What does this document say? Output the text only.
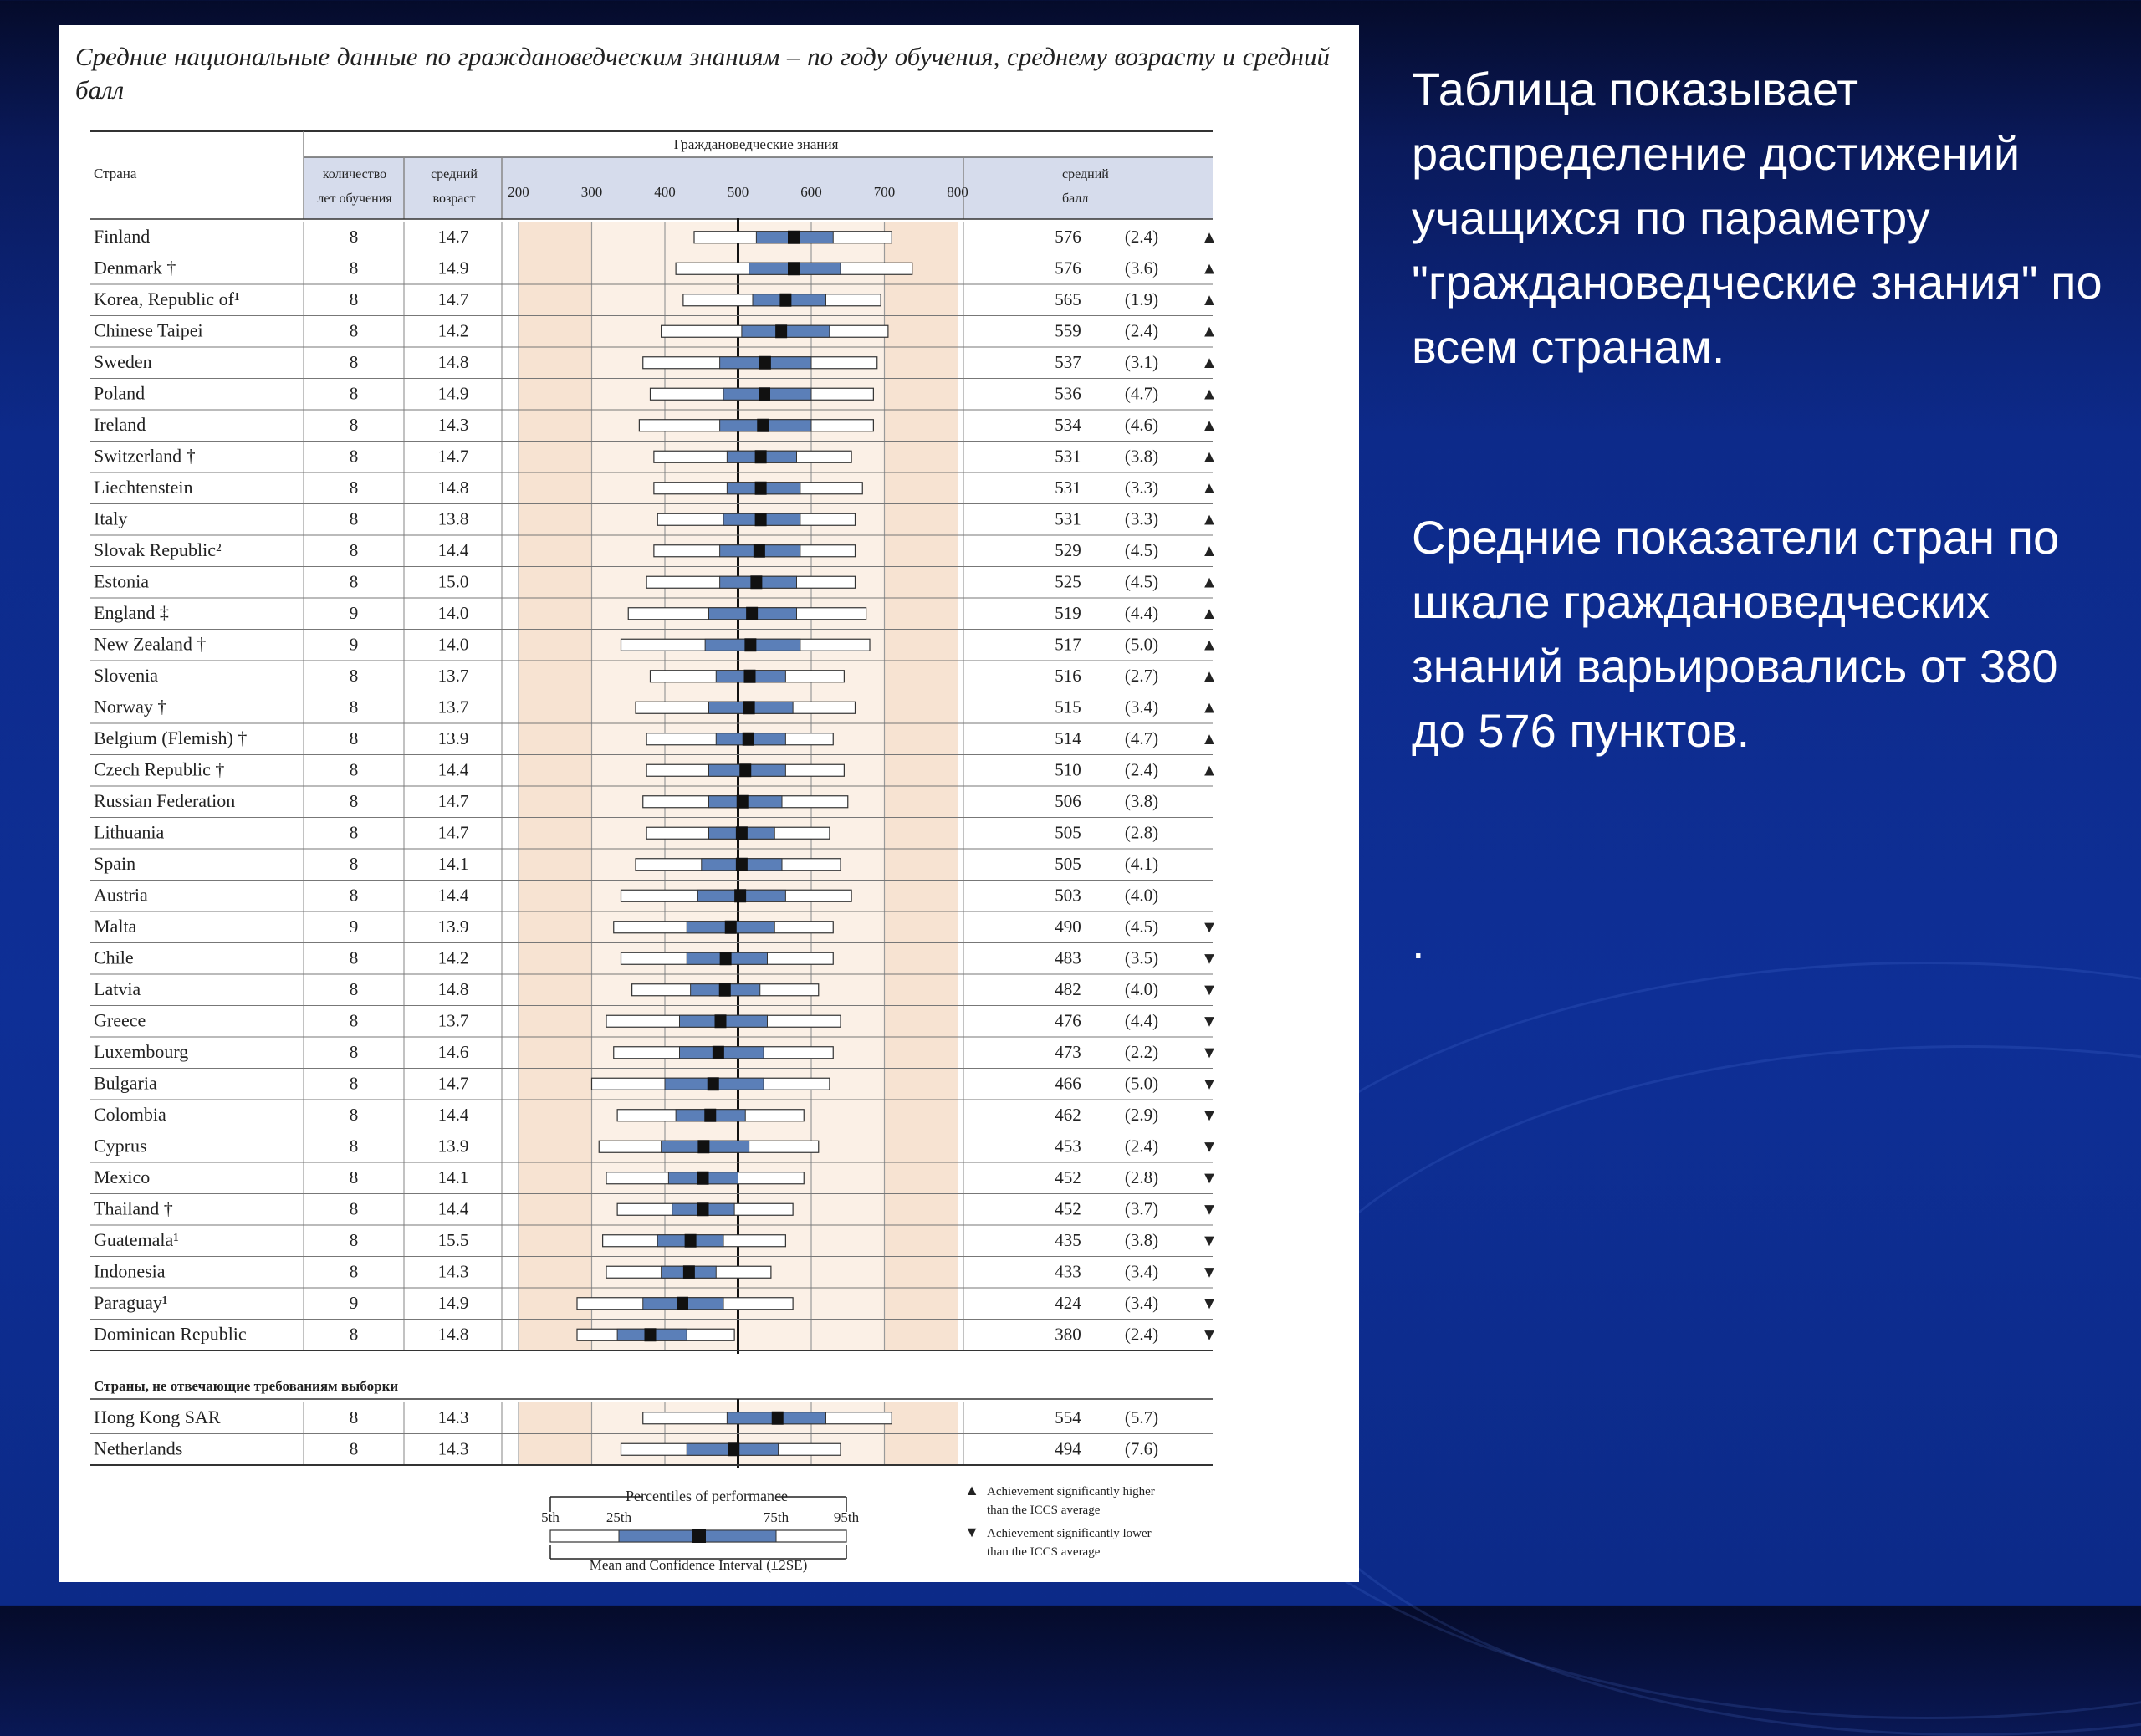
Средние национальные данные по граждановедческим знаниям – по году обучения, среднему возрасту и средний балл
Страна
Граждановедческие знания
количество
лет обучения
средний
возраст
средний
балл
200	300	400	500	600	700	800
Finland	8	14.7	576 (2.4)	▲
Denmark †	8	14.9	576 (3.6)	▲
Korea, Republic of¹	8	14.7	565 (1.9)	▲
Chinese Taipei	8	14.2	559 (2.4)	▲
Sweden	8	14.8	537 (3.1)	▲
Poland	8	14.9	536 (4.7)	▲
Ireland	8	14.3	534 (4.6)	▲
Switzerland †	8	14.7	531 (3.8)	▲
Liechtenstein	8	14.8	531 (3.3)	▲
Italy	8	13.8	531 (3.3)	▲
Slovak Republic²	8	14.4	529 (4.5)	▲
Estonia	8	15.0	525 (4.5)	▲
England ‡	9	14.0	519 (4.4)	▲
New Zealand †	9	14.0	517 (5.0)	▲
Slovenia	8	13.7	516 (2.7)	▲
Norway †	8	13.7	515 (3.4)	▲
Belgium (Flemish) †	8	13.9	514 (4.7)	▲
Czech Republic †	8	14.4	510 (2.4)	▲
Russian Federation	8	14.7	506 (3.8)
Lithuania	8	14.7	505 (2.8)
Spain	8	14.1	505 (4.1)
Austria	8	14.4	503 (4.0)
Malta	9	13.9	490 (4.5)	▼
Chile	8	14.2	483 (3.5)	▼
Latvia	8	14.8	482 (4.0)	▼
Greece	8	13.7	476 (4.4)	▼
Luxembourg	8	14.6	473 (2.2)	▼
Bulgaria	8	14.7	466 (5.0)	▼
Colombia	8	14.4	462 (2.9)	▼
Cyprus	8	13.9	453 (2.4)	▼
Mexico	8	14.1	452 (2.8)	▼
Thailand †	8	14.4	452 (3.7)	▼
Guatemala¹	8	15.5	435 (3.8)	▼
Indonesia	8	14.3	433 (3.4)	▼
Paraguay¹	9	14.9	424 (3.4)	▼
Dominican Republic	8	14.8	380 (2.4)	▼
Страны, не отвечающие требованиям выборки
Hong Kong SAR	8	14.3	554 (5.7)
Netherlands	8	14.3	494 (7.6)
Percentiles of performance
5th	25th	75th	95th
Mean and Confidence Interval (±2SE)
▲ Achievement significantly higher
than the ICCS average
▼ Achievement significantly lower
than the ICCS average
Таблица показывает распределение достижений учащихся по параметру "граждановедческие знания" по всем странам.
Средние показатели стран по шкале граждановедческих знаний варьировались от 380 до 576 пунктов.
.
